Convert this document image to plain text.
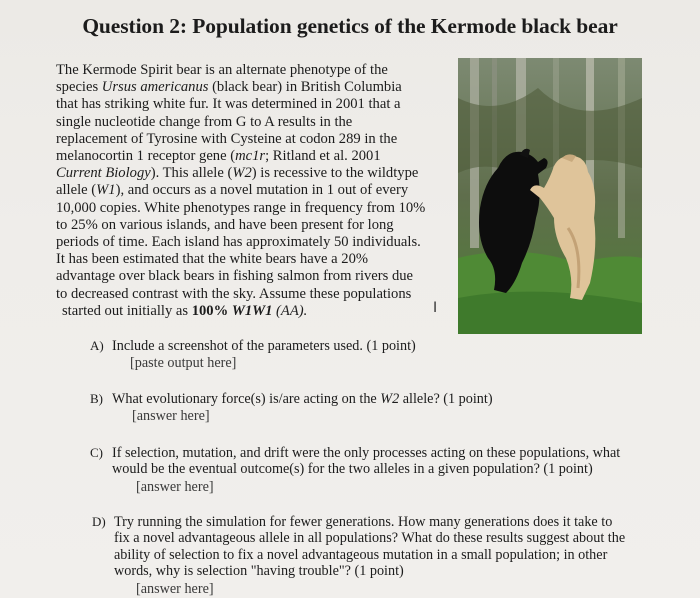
Question 2: Population genetics of the Kermode black bear
The Kermode Spirit bear is an alternate phenotype of the
species Ursus americanus (black bear) in British Columbia
that has striking white fur. It was determined in 2001 that a
single nucleotide change from G to A results in the
replacement of Tyrosine with Cysteine at codon 289 in the
melanocortin 1 receptor gene (mc1r; Ritland et al. 2001
Current Biology). This allele (W2) is recessive to the wildtype
allele (W1), and occurs as a novel mutation in 1 out of every
10,000 copies. White phenotypes range in frequency from 10%
to 25% on various islands, and have been present for long
periods of time. Each island has approximately 50 individuals.
It has been estimated that the white bears have a 20%
advantage over black bears in fishing salmon from rivers due
to decreased contrast with the sky. Assume these populations
started out initially as 100% W1W1 (AA).	I
A) Include a screenshot of the parameters used. (1 point)
[paste output here]
B) What evolutionary force(s) is/are acting on the W2 allele? (1 point)
[answer here]
C) If selection, mutation, and drift were the only processes acting on these populations, what
would be the eventual outcome(s) for the two alleles in a given population? (1 point)
[answer here]
D) Try running the simulation for fewer generations. How many generations does it take to
fix a novel advantageous allele in all populations? What do these results suggest about the
ability of selection to fix a novel advantageous mutation in a small population; in other
words, why is selection "having trouble"? (1 point)
[answer here]
